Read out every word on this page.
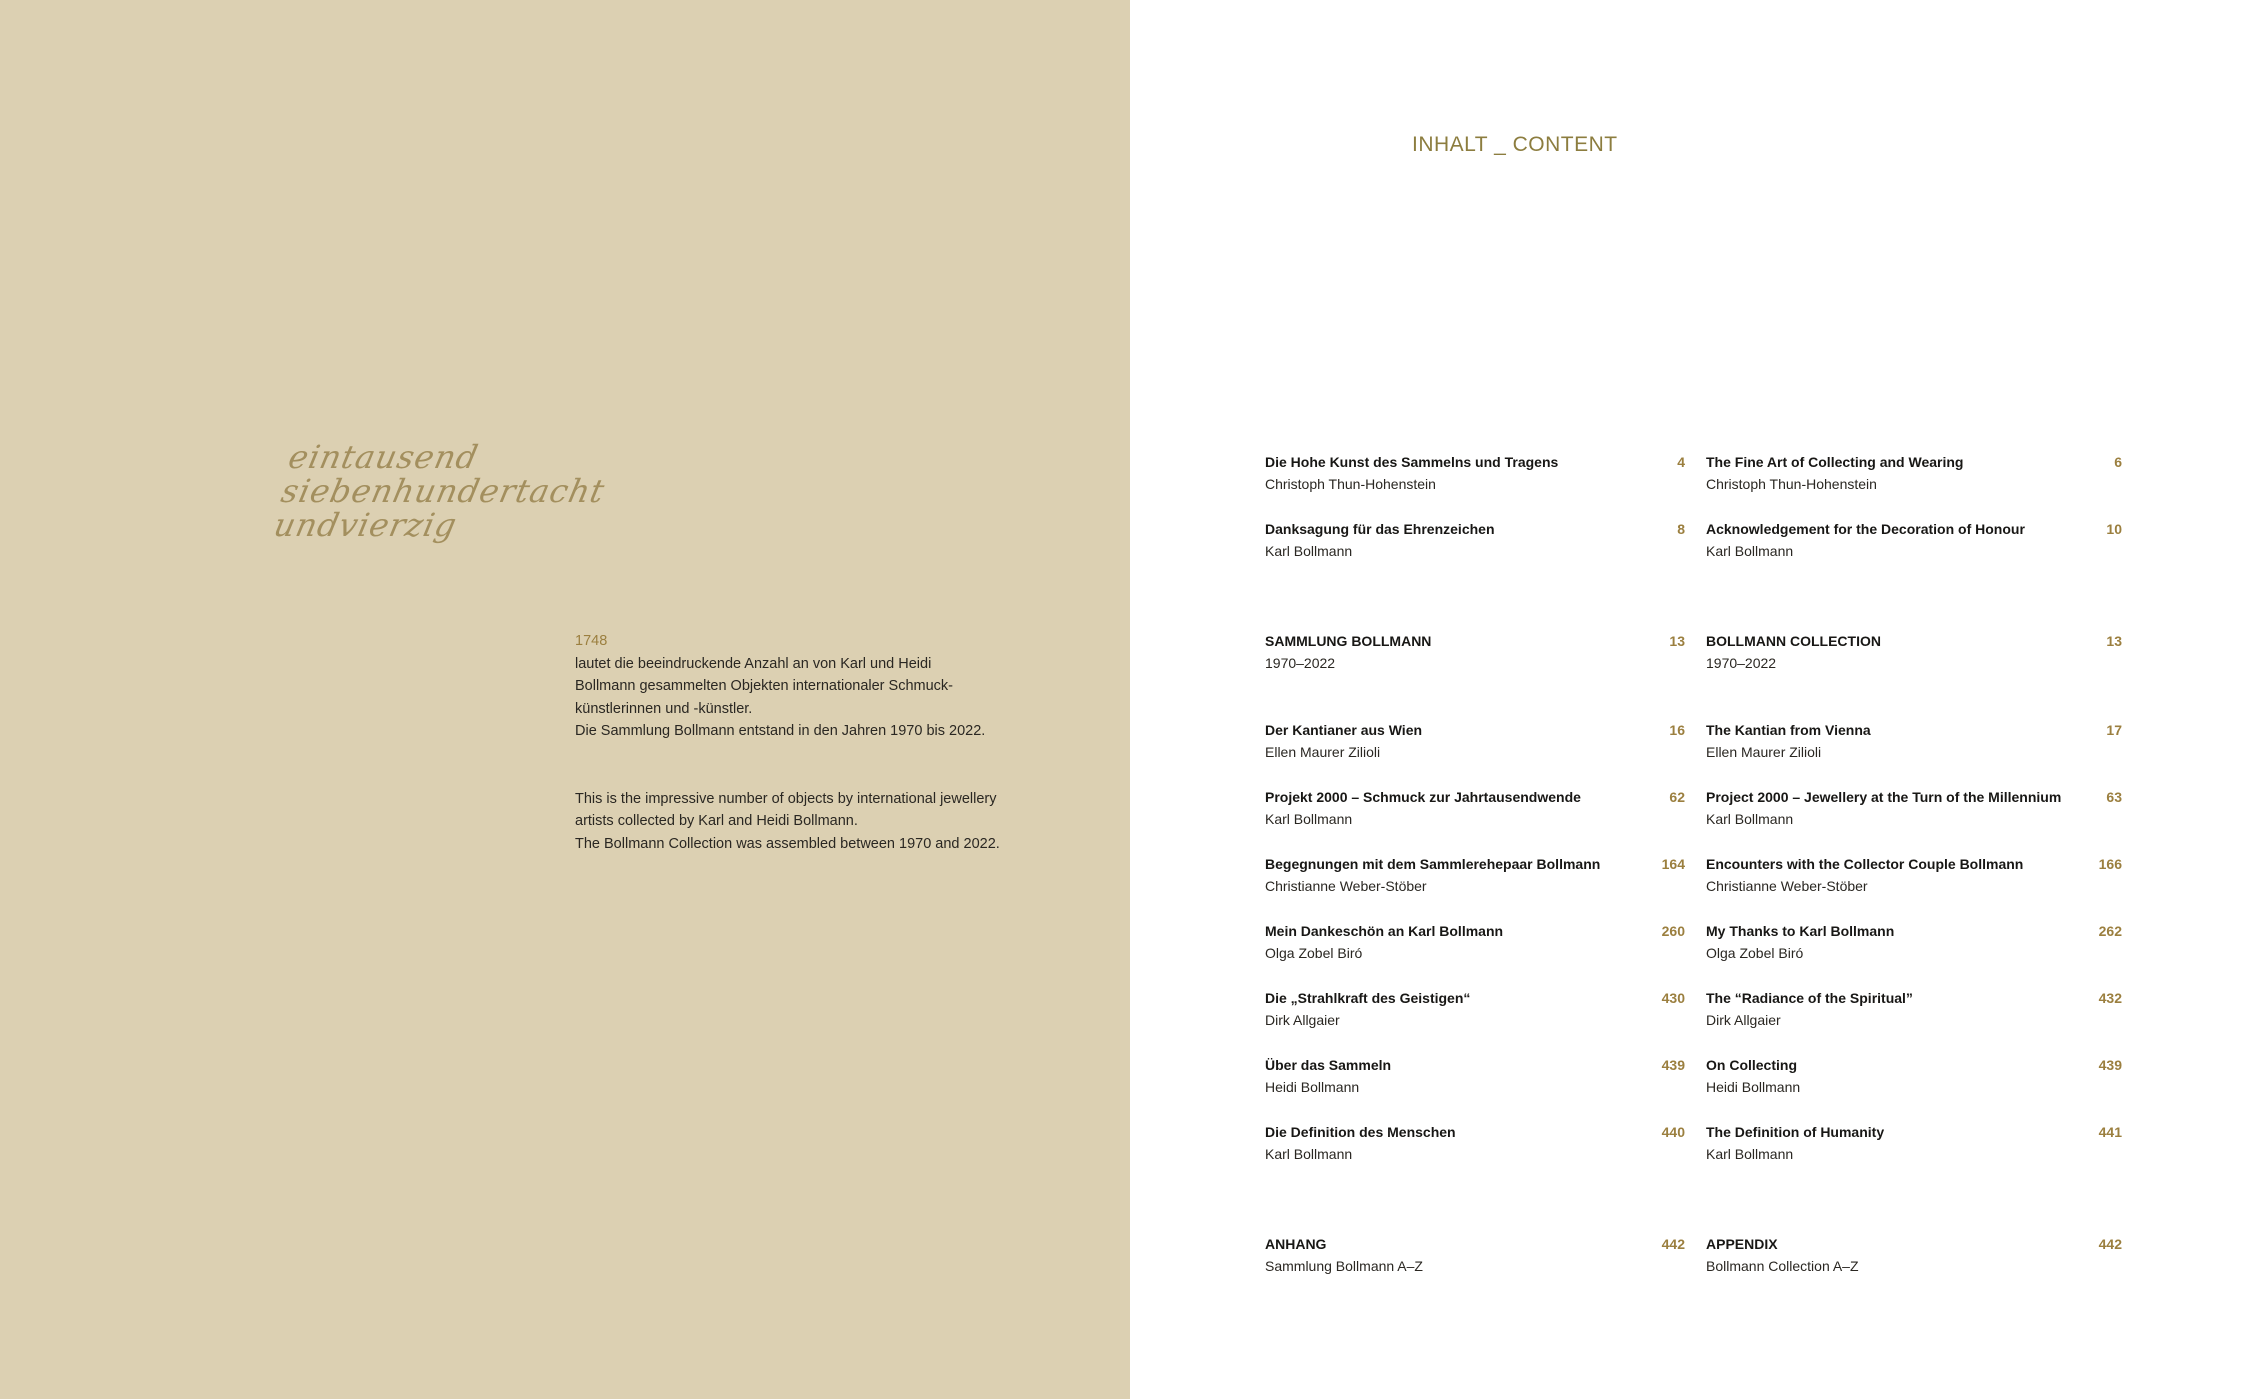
eintausend
siebenhundertacht
undvierzig
1748
lautet die beeindruckende Anzahl an von Karl und Heidi
Bollmann gesammelten Objekten internationaler Schmuck-
künstlerinnen und -künstler.
Die Sammlung Bollmann entstand in den Jahren 1970 bis 2022.
This is the impressive number of objects by international jewellery
artists collected by Karl and Heidi Bollmann.
The Bollmann Collection was assembled between 1970 and 2022.
INHALT _ CONTENT
Die Hohe Kunst des Sammelns und Tragens
Christoph Thun-Hohenstein
4 The Fine Art of Collecting and Wearing
Christoph Thun-Hohenstein
6
Danksagung für das Ehrenzeichen
Karl Bollmann
8 Acknowledgement for the Decoration of Honour
Karl Bollmann
10
SAMMLUNG BOLLMANN
1970–2022
13 BOLLMANN COLLECTION
1970–2022
13
Der Kantianer aus Wien
Ellen Maurer Zilioli
16 The Kantian from Vienna
Ellen Maurer Zilioli
17
Projekt 2000 – Schmuck zur Jahrtausendwende
Karl Bollmann
62 Project 2000 – Jewellery at the Turn of the Millennium
Karl Bollmann
63
Begegnungen mit dem Sammlerehepaar Bollmann
Christianne Weber-Stöber
164 Encounters with the Collector Couple Bollmann
Christianne Weber-Stöber
166
Mein Dankeschön an Karl Bollmann
Olga Zobel Biró
260 My Thanks to Karl Bollmann
Olga Zobel Biró
262
Die „Strahlkraft des Geistigen“
Dirk Allgaier
430 The “Radiance of the Spiritual”
Dirk Allgaier
432
Über das Sammeln
Heidi Bollmann
439 On Collecting
Heidi Bollmann
439
Die Definition des Menschen
Karl Bollmann
440 The Definition of Humanity
Karl Bollmann
441
ANHANG
Sammlung Bollmann A–Z
442 APPENDIX
Bollmann Collection A–Z
442
